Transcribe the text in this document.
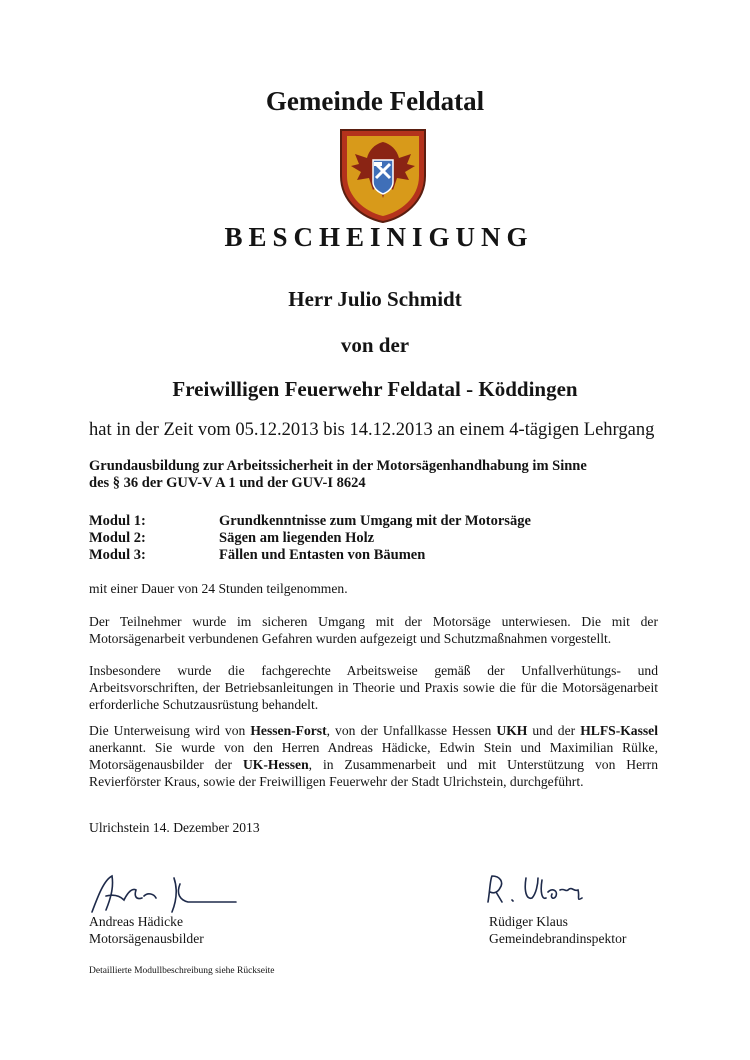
Gemeinde Feldatal
BESCHEINIGUNG
Herr Julio Schmidt
von der
Freiwilligen Feuerwehr Feldatal - Köddingen
hat in der Zeit vom 05.12.2013 bis 14.12.2013 an einem 4-tägigen Lehrgang
Grundausbildung zur Arbeitssicherheit in der Motorsägenhandhabung im Sinne
des § 36 der GUV-V A 1 und der GUV-I 8624
Modul 1:	Grundkenntnisse zum Umgang mit der Motorsäge
Modul 2:	Sägen am liegenden Holz
Modul 3:	Fällen und Entasten von Bäumen
mit einer Dauer von 24 Stunden teilgenommen.
Der Teilnehmer wurde im sicheren Umgang mit der Motorsäge unterwiesen. Die mit der Motorsägenarbeit verbundenen Gefahren wurden aufgezeigt und Schutzmaßnahmen vorgestellt.
Insbesondere wurde die fachgerechte Arbeitsweise gemäß der Unfallverhütungs- und Arbeitsvorschriften, der Betriebsanleitungen in Theorie und Praxis sowie die für die Motorsägenarbeit erforderliche Schutzausrüstung behandelt.
Die Unterweisung wird von Hessen-Forst, von der Unfallkasse Hessen UKH und der HLFS-Kassel anerkannt. Sie wurde von den Herren Andreas Hädicke, Edwin Stein und Maximilian Rülke, Motorsägenausbilder der UK-Hessen, in Zusammenarbeit und mit Unterstützung von Herrn Revierförster Kraus, sowie der Freiwilligen Feuerwehr der Stadt Ulrichstein, durchgeführt.
Ulrichstein 14. Dezember 2013
Andreas Hädicke
Motorsägenausbilder
Rüdiger Klaus
Gemeindebrandinspektor
Detaillierte Modullbeschreibung siehe Rückseite
